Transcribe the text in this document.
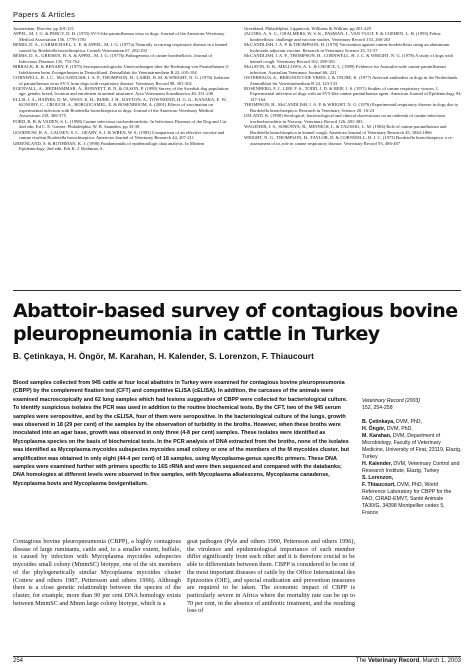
Papers & Articles

Amsterdam, Elsevier. pp 201-211

APPEL, M. J. G. & PERCY, D. H. (1970) SV-5-like parainfluenza virus in dogs. Journal of the American Veterinary Medical Association 156, 1778-1781

BEMIS, D. A., CARMICHAEL, L. E. & APPEL, M. J. G. (1977a) Naturally occurring respiratory disease in a kennel caused by Bordetella bronchiseptica. Cornell Veterinarian 67, 282-293

BEMIS, D. A., GREISEN, H. A. & APPEL, M. J. G. (1977b) Pathogenesis of canine bordetellosis. Journal of Infectious Diseases 135, 753-762

BIBRACK, B. & BENARY, F. (1975) Seroepizootologische Untersuchungen über die Bedeutung von Parainfluenza-2-Infektionen beim Zwingerhusten in Deutschland. Zentralblatt für Veterinärmedizin B 22, 610-104

CORNWELL, H. J. C., McCANDLISH, I. A. P., THOMPSON, H., LAIRD, H. M. & WRIGHT, N. G. (1976) Isolation of parainfluenza virus SV-5 from dogs with respiratory disease. Veterinary Record 98, 301-302

EGENVALL, A., HEDHAMMAR, Å., BONNETT, B. N. & OLSON, P. (1999) Survey of the Swedish dog population: age, gender, breed, location and enrolment in animal insurance. Acta Veterinaria Scandinavica 40, 231-240

ELLIS, J. A., HAINES, D. M., WEST, K. H., BURR, J. H., DAYTON, A., TOWNSEND, H. G. G., KANARA, E. W., KONOBY, C., CROUCH, A., BORGOCAMEL, E. & ROSENBOOM, A. (2001) Effects of vaccination on experimental infection with Bordetella bronchiseptica in dogs. Journal of the American Veterinary Medical Association 218, 369-375

FORD, R. B. & VADEN, S. L. (1998) Canine infectious tracheobronchitis. In Infectious Diseases of the Dog and Cat. 2nd edn. Ed C. E. Greene. Philadelphia, W. B. Saunders. pp 33-38

GOODNOW, R. A., CAUSEY, S. C., GEARY, S. J. & WREN, W. S. (1983) Comparison of an effective vaccine and canine virulent Bordetella bronchiseptica. American Journal of Veterinary Research 44, 207-211

GREENLAND, S. & ROTHMAN, K. J. (1998) Fundamentals of epidemiologic data analysis. In Modern Epidemiology. 2nd edn. Eds K. J. Rothman, S.

Greenland. Philadelphia, Lippincott, Williams & Wilkins. pp 201-229

JACOBS, A. A. C., CHALMERS, W. S. K., PASMAN, J., VAN VUGT, F. & COEHEN, L. H. (1993) Feline bordetellosis: challenge and vaccine studies. Veterinary Record 133, 260-263

McCANDLISH, I. A. P. & THOMPSON, H. (1978) Vaccination against canine bordetellosis using an aluminium hydroxide adjuvant vaccine. Research in Veterinary Science 25, 51-57

McCANDLISH, I. A. P., THOMPSON, H., CORNWELL, H. J. C. & WRIGHT, N. G. (1978) A study of dogs with kennel cough. Veterinary Record 102, 298-301

McGAVIN, D. R., MELLOWS, A. L. & CHOICE, L. (1989) Evidence for Australia-wide canine parainfluenza infection. Australian Veterinary Journal 66, 221

OSTERHAUS, A., BERGNOUT-DE VRIES, J. & TEUBE, K. (1977) Antiviral antibodies in dogs in the Netherlands. Zentralblatt für Veterinärmedizin B 24, 123-133

ROSENBERG, F. J., LIEF, F. S., TODD, J. D. & REIF, J. S. (1971) Studies of canine respiratory viruses. I. Experimental infection of dogs with an SV5-like canine parainfluenza agent. American Journal of Epidemiology 94, 147-164

THOMPSON, H., McCANDLISH, I. A. P. & WRIGHT, N. G. (1976) Experimental respiratory disease in dogs due to Bordetella bronchiseptica. Research in Veterinary Science 20, 16-23

UELAND, K. (1990) Serological, bacteriological and clinical observations on an outbreak of canine infectious tracheobronchitis in Norway. Veterinary Record 126, 481-483

WAGENER, J. S., SOBONYA, R., MINNICH, L. & TAUSSIG, L. M. (1984) Role of canine parainfluenza and Bordetella bronchiseptica in kennel cough. American Journal of Veterinary Research 45, 1862-1866

WRIGHT, N. G., THOMPSON, H., TAYLOR, D. & CORNWELL, H. J. C. (1973) Bordetella bronchiseptica: a re-assessment of its role in canine respiratory disease. Veterinary Record 93, 486-487

Abattoir-based survey of contagious bovine pleuropneumonia in cattle in Turkey

B. Çetinkaya, H. Öngör, M. Karahan, H. Kalender, S. Lorenzon, F. Thiaucourt

Blood samples collected from 945 cattle at four local abattoirs in Turkey were examined for contagious bovine pleuropneumonia (CBPP) by the complement fixation test (CFT) and competitive ELISA (cELISA). In addition, the carcases of the animals were examined macroscopically and 62 lung samples which had lesions suggestive of CBPP were collected for bacteriological culture. To identify suspicious isolates the PCR was used in addition to the routine biochemical tests. By the CFT, two of the 945 serum samples were seropositive, and by the cELISA, four of them were seropositive. In the bacteriological culture of the lungs, growth was observed in 18 (29 per cent) of the samples by the observation of turbidity in the broths. However, when these broths were inoculated into an agar base, growth was observed in only three (4-8 per cent) samples. These isolates were identified as Mycoplasma species on the basis of biochemical tests. In the PCR analysis of DNA extracted from the broths, none of the isolates was identified as Mycoplasma mycoides subspecies mycoides small colony or one of the members of the M mycoides cluster, but amplification was obtained in only eight (44-4 per cent) of 18 samples, using Mycoplasma-genus specific primers. These DNA samples were examined further with primers specific to 16S rRNA and were then sequenced and compared with the databanks; DNA homologies at different levels were observed in five samples, with Mycoplasma alkalescens, Mycoplasma canadense, Mycoplasma bovis and Mycoplasma bovigenitalium.

Veterinary Record (2003)

152, 254-258

B. Çetinkaya, DVM, PhD,

H. Öngör, DVM, PhD,

M. Karahan, DVM, Department of Microbiology, Faculty of Veterinary Medicine, University of Firat, 23119, Elazig, Turkey

H. Kalender, DVM, Veterinary Control and Research Institute, Elazig, Turkey

S. Lorenzon,

F. Thiaucourt, DVM, PhD, World Reference Laboratory for CBPP for the FAO, CIRAD-EMVT, Santé Animale TA30/G, 34398 Montpellier cedex 5, France

Contagious bovine pleuropneumonia (CBPP), a highly contagious disease of large ruminants, cattle and, to a smaller extent, buffalo, is caused by infection with Mycoplasma mycoides subspecies mycoides small colony (MmmSC) biotype, one of the six members of the phylogenetically similar Mycoplasma mycoides cluster (Cottew and others 1987, Pettersson and others 1996). Although there is a close genetic relationship between the species of the cluster, for example, more than 90 per cent DNA homology exists between MmmSC and Mmm large colony biotype, which is a

goat pathogen (Pyle and others 1990, Pettersson and others 1996), the virulence and epidemiological importance of each member differ significantly from each other and it is therefore crucial to be able to differentiate between them. CBPP is considered to be one of the most important diseases of cattle by the Office International des Epizooties (OIE), and special eradication and prevention measures are required to be taken. The economic impact of CBPP is particularly severe in Africa where the mortality rate can be up to 70 per cent, in the absence of antibiotic treatment, and the resulting loss of

254	The Veterinary Record, March 1, 2003
